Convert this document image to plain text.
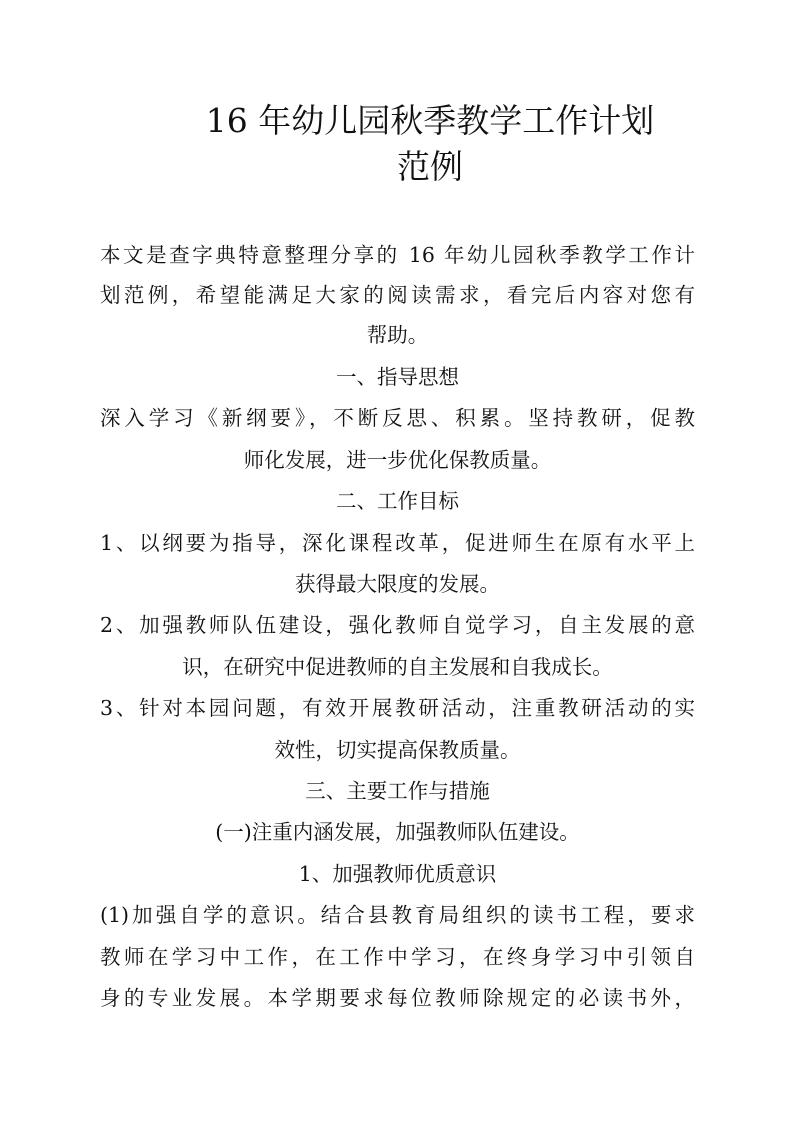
16 年幼儿园秋季教学工作计划
范例
本文是查字典特意整理分享的 16 年幼儿园秋季教学工作计
划范例，希望能满足大家的阅读需求，看完后内容对您有
帮助。
一、指导思想
深入学习《新纲要》，不断反思、积累。坚持教研，促教
师化发展，进一步优化保教质量。
二、工作目标
1、以纲要为指导，深化课程改革，促进师生在原有水平上
获得最大限度的发展。
2、加强教师队伍建设，强化教师自觉学习，自主发展的意
识，在研究中促进教师的自主发展和自我成长。
3、针对本园问题，有效开展教研活动，注重教研活动的实
效性，切实提高保教质量。
三、主要工作与措施
(一)注重内涵发展，加强教师队伍建设。
1、加强教师优质意识
(1)加强自学的意识。结合县教育局组织的读书工程，要求
教师在学习中工作，在工作中学习，在终身学习中引领自
身的专业发展。本学期要求每位教师除规定的必读书外，
